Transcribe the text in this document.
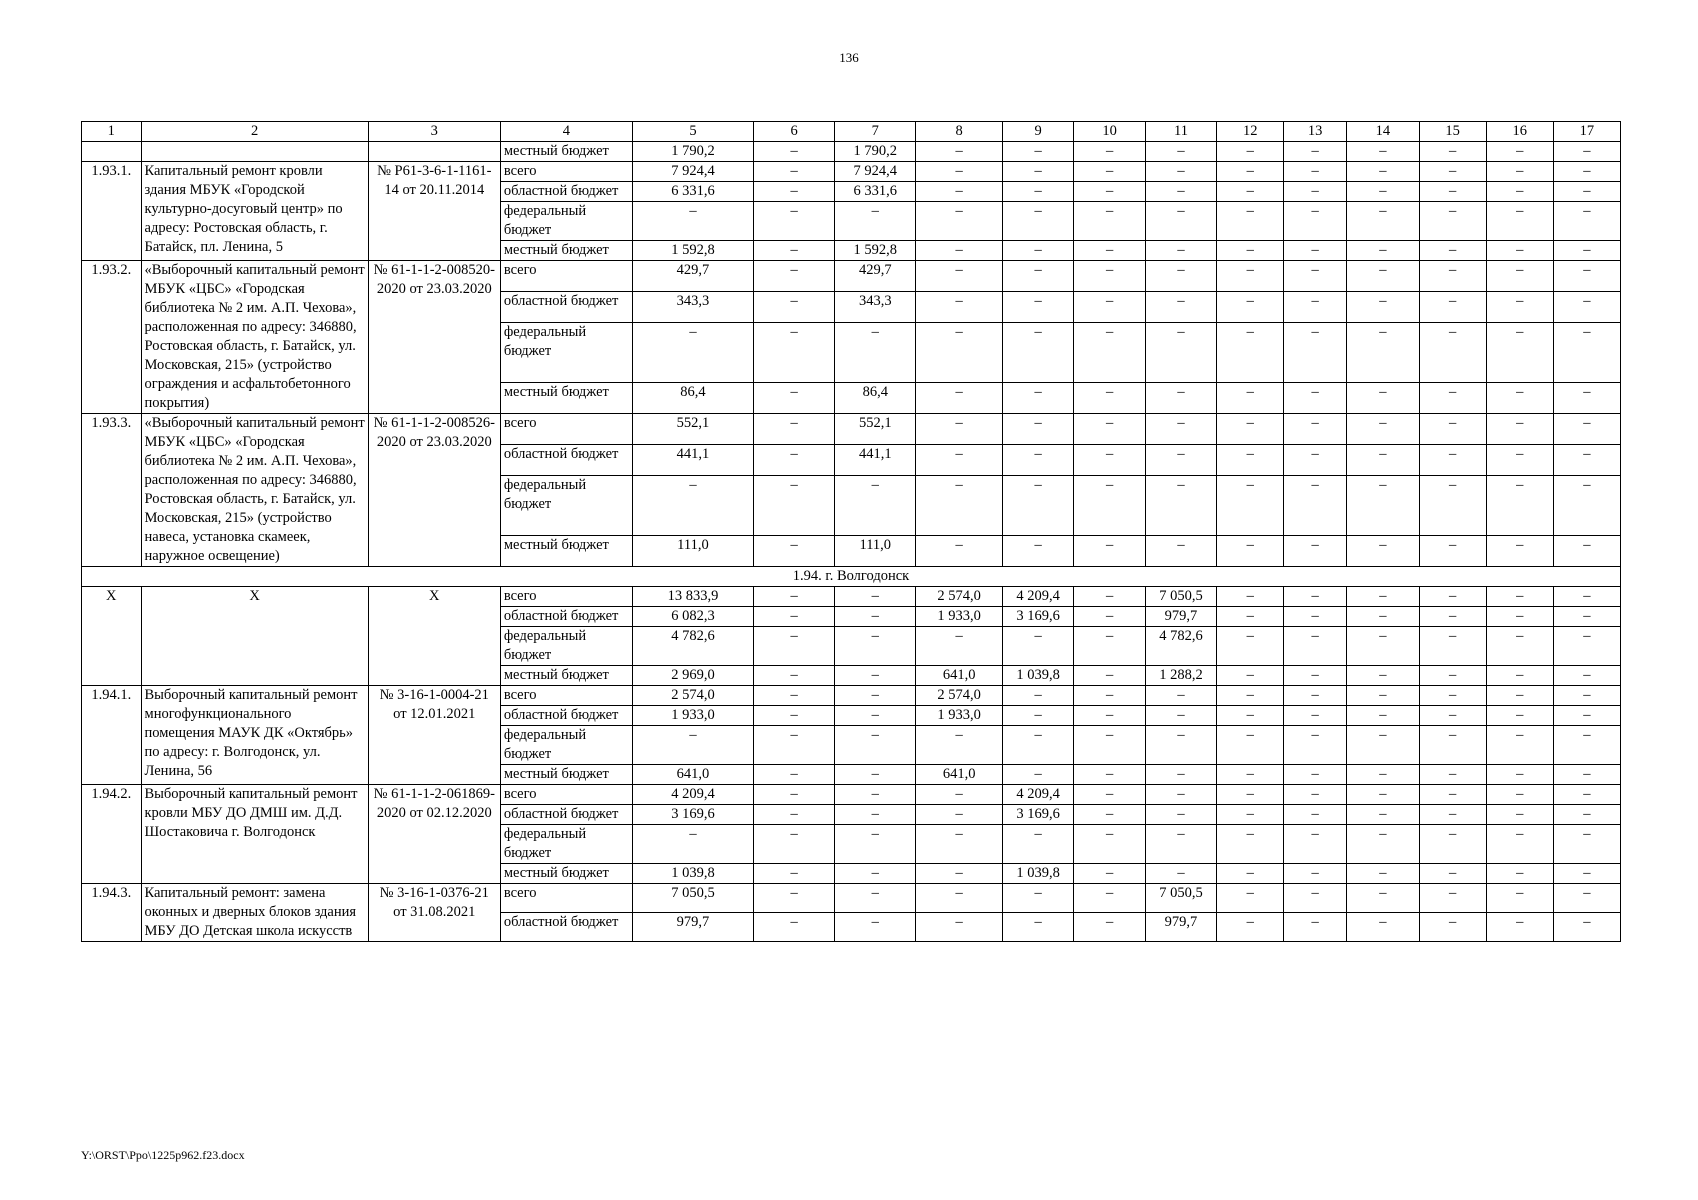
136
1	2	3	4	5	6	7	8	9	10	11	12	13	14	15	16	17
			местный бюджет	1 790,2	–	1 790,2	–	–	–	–	–	–	–	–	–	–
1.93.1.	Капитальный ремонт кровли здания МБУК «Городской культурно-досуговый центр» по адресу: Ростовская область, г. Батайск, пл. Ленина, 5	№ Р61-3-6-1-1161-14 от 20.11.2014	всего	7 924,4	–	7 924,4	–	–	–	–	–	–	–	–	–	–
			областной бюджет	6 331,6	–	6 331,6	–	–	–	–	–	–	–	–	–	–
			федеральный бюджет	–	–	–	–	–	–	–	–	–	–	–	–	–
			местный бюджет	1 592,8	–	1 592,8	–	–	–	–	–	–	–	–	–	–
1.93.2.	«Выборочный капитальный ремонт МБУК «ЦБС» «Городская библиотека № 2 им. А.П. Чехова», расположенная по адресу: 346880, Ростовская область, г. Батайск, ул. Московская, 215» (устройство ограждения и асфальтобетонного покрытия)	№ 61-1-1-2-008520-2020 от 23.03.2020	всего	429,7	–	429,7	–	–	–	–	–	–	–	–	–	–
			областной бюджет	343,3	–	343,3	–	–	–	–	–	–	–	–	–	–
			федеральный бюджет	–	–	–	–	–	–	–	–	–	–	–	–	–
			местный бюджет	86,4	–	86,4	–	–	–	–	–	–	–	–	–	–
1.93.3.	«Выборочный капитальный ремонт МБУК «ЦБС» «Городская библиотека № 2 им. А.П. Чехова», расположенная по адресу: 346880, Ростовская область, г. Батайск, ул. Московская, 215» (устройство навеса, установка скамеек, наружное освещение)	№ 61-1-1-2-008526-2020 от 23.03.2020	всего	552,1	–	552,1	–	–	–	–	–	–	–	–	–	–
			областной бюджет	441,1	–	441,1	–	–	–	–	–	–	–	–	–	–
			федеральный бюджет	–	–	–	–	–	–	–	–	–	–	–	–	–
			местный бюджет	111,0	–	111,0	–	–	–	–	–	–	–	–	–	–
1.94. г. Волгодонск																
X	X	X	всего	13 833,9	–	–	2 574,0	4 209,4	–	7 050,5	–	–	–	–	–	–
			областной бюджет	6 082,3	–	–	1 933,0	3 169,6	–	979,7	–	–	–	–	–	–
			федеральный бюджет	4 782,6	–	–	–	–	–	4 782,6	–	–	–	–	–	–
			местный бюджет	2 969,0	–	–	641,0	1 039,8	–	1 288,2	–	–	–	–	–	–
1.94.1.	Выборочный капитальный ремонт многофункционального помещения МАУК ДК «Октябрь» по адресу: г. Волгодонск, ул. Ленина, 56	№ 3-16-1-0004-21 от 12.01.2021	всего	2 574,0	–	–	2 574,0	–	–	–	–	–	–	–	–	–
			областной бюджет	1 933,0	–	–	1 933,0	–	–	–	–	–	–	–	–	–
			федеральный бюджет	–	–	–	–	–	–	–	–	–	–	–	–	–
			местный бюджет	641,0	–	–	641,0	–	–	–	–	–	–	–	–	–
1.94.2.	Выборочный капитальный ремонт кровли МБУ ДО ДМШ им. Д.Д. Шостаковича г. Волгодонск	№ 61-1-1-2-061869-2020 от 02.12.2020	всего	4 209,4	–	–	–	4 209,4	–	–	–	–	–	–	–	–
			областной бюджет	3 169,6	–	–	–	3 169,6	–	–	–	–	–	–	–	–
			федеральный бюджет	–	–	–	–	–	–	–	–	–	–	–	–	–
			местный бюджет	1 039,8	–	–	–	1 039,8	–	–	–	–	–	–	–	–
1.94.3.	Капитальный ремонт: замена оконных и дверных блоков здания МБУ ДО Детская школа искусств	№ 3-16-1-0376-21 от 31.08.2021	всего	7 050,5	–	–	–	–	–	7 050,5	–	–	–	–	–	–
			областной бюджет	979,7	–	–	–	–	–	979,7	–	–	–	–	–	–
Y:\ORST\Ppo\1225p962.f23.docx
